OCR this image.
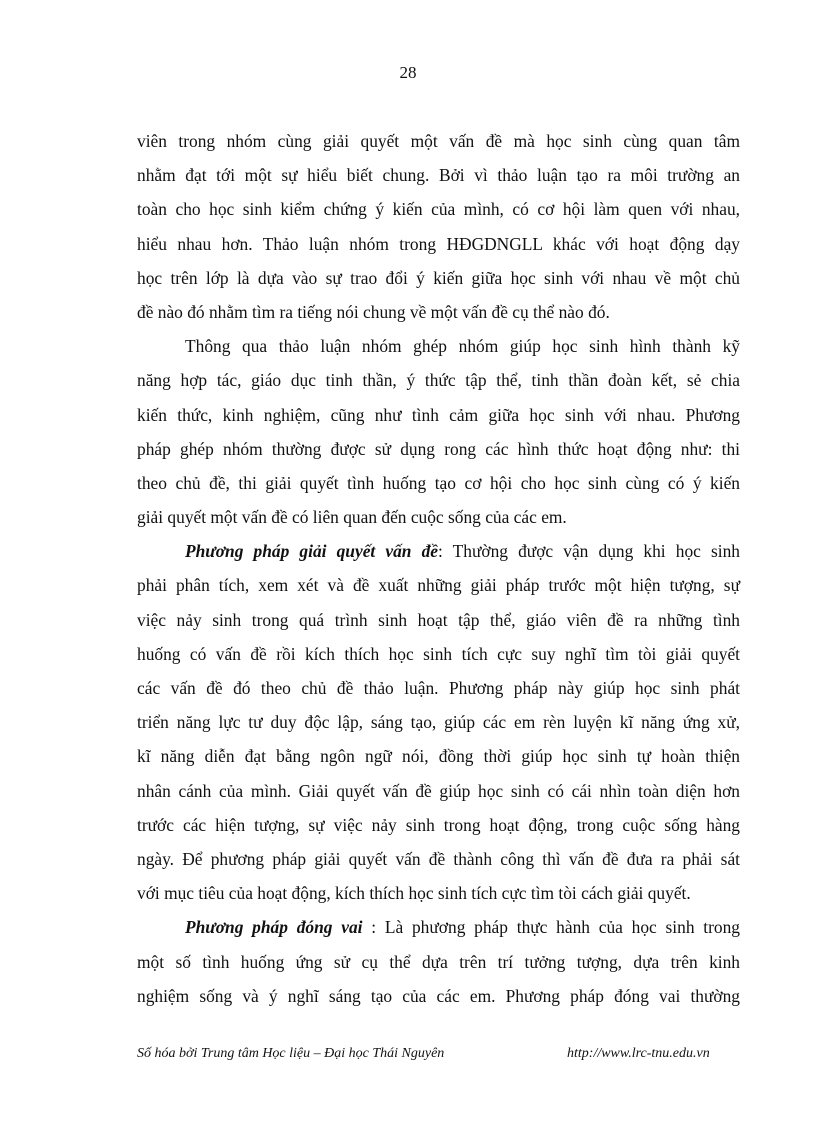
28
viên trong nhóm cùng giải quyết một vấn đề mà học sinh cùng quan tâm
nhằm đạt tới một sự hiểu biết chung. Bởi vì thảo luận tạo ra môi trường an
toàn cho học sinh kiểm chứng ý kiến của mình, có cơ hội làm quen với nhau,
hiểu nhau hơn. Thảo luận nhóm trong HĐGDNGLL khác với hoạt động dạy
học trên lớp là dựa vào sự trao đổi ý kiến giữa học sinh với nhau về một chủ
đề nào đó nhằm tìm ra tiếng nói chung về một vấn đề cụ thể nào đó.
Thông qua thảo luận nhóm ghép nhóm giúp học sinh hình thành kỹ
năng hợp tác, giáo dục tinh thần, ý thức tập thể, tinh thần đoàn kết, sẻ chia
kiến thức, kinh nghiệm, cũng như tình cảm giữa học sinh với nhau. Phương
pháp ghép nhóm thường được sử dụng rong các hình thức hoạt động như: thi
theo chủ đề, thi giải quyết tình huống tạo cơ hội cho học sinh cùng có ý kiến
giải quyết một vấn đề có liên quan đến cuộc sống của các em.
Phương pháp giải quyết vấn đề: Thường được vận dụng khi học sinh
phải phân tích, xem xét và đề xuất những giải pháp trước một hiện tượng, sự
việc nảy sinh trong quá trình sinh hoạt tập thể, giáo viên đề ra những tình
huống có vấn đề rồi kích thích học sinh tích cực suy nghĩ tìm tòi giải quyết
các vấn đề đó theo chủ đề thảo luận. Phương pháp này giúp học sinh phát
triển năng lực tư duy độc lập, sáng tạo, giúp các em rèn luyện kĩ năng ứng xử,
kĩ năng diễn đạt bằng ngôn ngữ nói, đồng thời giúp học sinh tự hoàn thiện
nhân cánh của mình. Giải quyết vấn đề giúp học sinh có cái nhìn toàn diện hơn
trước các hiện tượng, sự việc nảy sinh trong hoạt động, trong cuộc sống hàng
ngày. Để phương pháp giải quyết vấn đề thành công thì vấn đề đưa ra phải sát
với mục tiêu của hoạt động, kích thích học sinh tích cực tìm tòi cách giải quyết.
Phương pháp đóng vai : Là phương pháp thực hành của học sinh trong
một số tình huống ứng sử cụ thể dựa trên trí tưởng tượng, dựa trên kinh
nghiệm sống và ý nghĩ sáng tạo của các em. Phương pháp đóng vai thường
Số hóa bởi Trung tâm Học liệu – Đại học Thái Nguyên	http://www.lrc-tnu.edu.vn
